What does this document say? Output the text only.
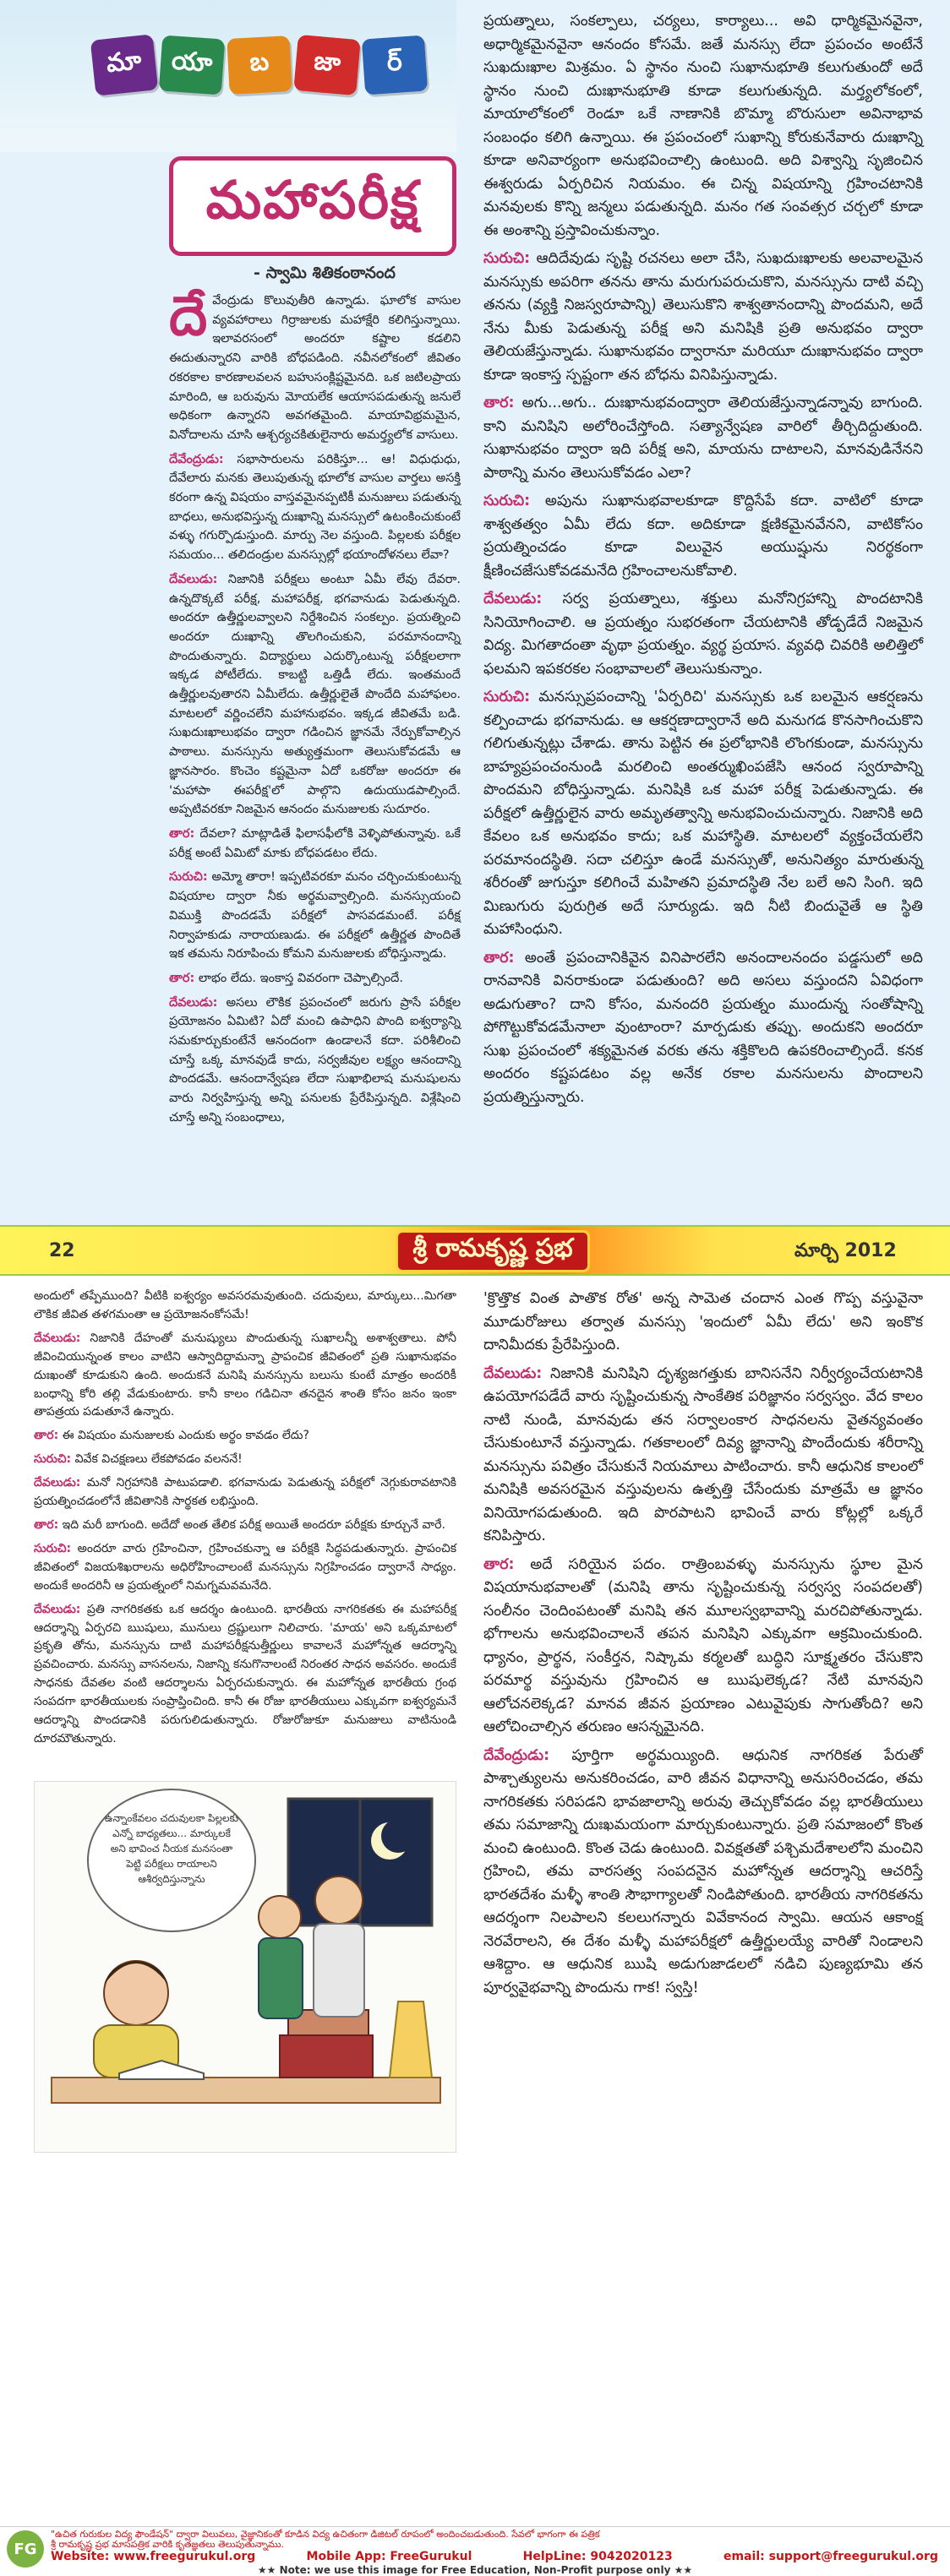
మా	యా	బ	జా	ర్
మహాపరీక్ష
- స్వామి శితికంఠానంద

దేవేంద్రుడు కొలువుతీరి ఉన్నాడు. ఘాలోక వాసుల వ్యవహారాలు గిర్రాజులకు మహాక్షేరి కలిగిస్తున్నాయి. ఇలావరసంలో అందరూ కష్టాల కడలిని ఈదుతున్నారని వారికి బోధపడింది. నవీనలోకంలో జీవితం రకరకాల కారణాలవలన బహుసంక్లిష్టమైనది. ఒక జటిలప్రాయ మారింది, ఆ బరువును మోయలేక ఆయాసపడుతున్న జనులే అధికంగా ఉన్నారని అవగతమైంది. మాయావిభ్రమమైన, వినోదాలను చూసి ఆశ్చర్యచకితులైనారు అమర్త్యలోక వాసులు.

దేవేంద్రుడు: సభాసారులను పరికిస్తూ... ఆ! విధుధుధు, దేవేలారు మనకు తెలుపుతున్న భూలోక వాసుల వార్తలు అసక్తి కరంగా ఉన్న విషయం వాస్తవమైనప్పటికీ మనుజులు పడుతున్న బాధలు, అనుభవిస్తున్న దుఃఖాన్ని మనస్సులో ఉటంకించుకుంటే వళ్ళు గగుర్పొడుస్తుంది. మార్పు నెల వస్తుంది. పిల్లలకు పరీక్షల సమయం... తలిదండ్రుల మనస్సుల్లో భయాందోళనలు లేవా?

దేవలుడు: నిజానికి పరీక్షలు అంటూ ఏమీ లేవు దేవరా. ఉన్నదొక్కటే పరీక్ష, మహాపరీక్ష, భగవానుడు పెడుతున్నది. అందరూ ఉత్తీర్ణులవ్వాలని నిర్దేశించిన సంకల్పం. ప్రయత్నించి అందరూ దుఃఖాన్ని తొలగించుకుని, పరమానందాన్ని పొందుతున్నారు. విద్యార్థులు ఎదుర్కొంటున్న పరీక్షలలాగా ఇక్కడ పోటీలేదు. కాబట్టి ఒత్తిడీ లేదు. ఇంతమందే ఉత్తీర్ణులవుతారని ఏమీలేదు. ఉత్తీర్ణులైతే పొందేది మహాఫలం. మాటలలో వర్ణించలేని మహానుభవం. ఇక్కడ జీవితమే బడి. సుఖదుఃఖాలుభవం ద్వారా గడించిన జ్ఞానమే నేర్పుకోవాల్సిన పాఠాలు. మనస్సును అత్యుత్తమంగా తెలుసుకోవడమే ఆ జ్ఞానసారం. కొంచెం కష్టమైనా ఏదో ఒకరోజు అందరూ ఈ 'మహాపా ఈపరీక్ష'లో పాల్గొని ఉదుయుడపాల్సిందే. అప్పటివరకూ నిజమైన ఆనందం మనుజులకు సుదూరం.

తార: దేవలా? మాట్లాడితే ఫిలాసఫీలోకి వెళ్ళిపోతున్నావు. ఒకే పరీక్ష అంటే ఏమిటో మాకు బోధపడటం లేదు.

సురుచి: అమ్మో తారా! ఇప్పటివరకూ మనం చర్చించుకుంటున్న విషయాల ద్వారా నీకు అర్థమవ్వాల్సింది. మనస్సుయంచి విముక్తి పొందడమే పరీక్షలో పాసవడమంటే. పరీక్ష నిర్వాహకుడు నారాయణుడు. ఈ పరీక్షలో ఉత్తీర్ణత పొందితే ఇక తమను నిరూపించు కోమని మనుజులకు బోధిస్తున్నాడు.

తార: లాభం లేదు. ఇంకాస్త వివరంగా చెప్పాల్సిందే.

దేవలుడు: అసలు లౌకిక ప్రపంచంలో జరుగు ప్రాసే పరీక్షల ప్రయోజనం ఏమిటి? ఏదో మంచి ఉపాధిని పొంది ఐశ్వర్యాన్ని సమకూర్చుకుంటేనే ఆనందంగా ఉండాలనే కదా. పరిశీలించి చూస్తే ఒక్క మానవుడే కాదు, సర్వజీవుల లక్ష్యం ఆనందాన్ని పొందడమే. ఆనందాన్వేషణ లేదా సుఖాభిలాష మనుషులను వారు నిర్వహిస్తున్న అన్ని పనులకు ప్రేరేపిస్తున్నది. విశ్లేషించి చూస్తే అన్ని సంబంధాలు,

ప్రయత్నాలు, సంకల్పాలు, చర్యలు, కార్యాలు... అవి ధార్మికమైనవైనా, అధార్మికమైనవైనా ఆనందం కోసమే. జతే మనస్సు లేదా ప్రపంచం అంటేనే సుఖదుఃఖాల మిశ్రమం. ఏ స్థానం నుంచి సుఖానుభూతి కలుగుతుందో అదే స్థానం నుంచి దుఃఖానుభూతి కూడా కలుగుతున్నది. మర్త్యలోకంలో, మాయాలోకంలో రెండూ ఒకే నాణానికి బొమ్మా బొరుసులా అవినాభావ సంబంధం కలిగి ఉన్నాయి. ఈ ప్రపంచంలో సుఖాన్ని కోరుకునేవారు దుఃఖాన్ని కూడా అనివార్యంగా అనుభవించాల్సి ఉంటుంది. అది విశ్వాన్ని సృజించిన ఈశ్వరుడు ఏర్పరిచిన నియమం. ఈ చిన్న విషయాన్ని గ్రహించటానికి మనవులకు కొన్ని జన్మలు పడుతున్నది. మనం గత సంవత్సర చర్చలో కూడా ఈ అంశాన్ని ప్రస్తావించుకున్నాం.

సురుచి: ఆదిదేవుడు సృష్టి రచనలు అలా చేసి, సుఖదుఃఖాలకు అలవాలమైన మనస్సుకు అపరిగా తనను తాను మరుగుపరుచుకొని, మనస్సును దాటి వచ్చి తనను (వ్యక్తి నిజస్వరూపాన్ని) తెలుసుకొని శాశ్వతానందాన్ని పొందమని, అదే నేను మీకు పెడుతున్న పరీక్ష అని మనిషికి ప్రతి అనుభవం ద్వారా తెలియజేస్తున్నాడు. సుఖానుభవం ద్వారానూ మరియూ దుఃఖానుభవం ద్వారా కూడా ఇంకాస్త స్పష్టంగా తన బోధను వినిపిస్తున్నాడు.

తార: అగు...అగు.. దుఃఖానుభవంద్వారా తెలియజేస్తున్నాడన్నావు బాగుంది. కాని మనిషిని అలోరించేస్తోంది. సత్యాన్వేషణ వారిలో తీర్చిదిద్దుతుంది. సుఖానుభవం ద్వారా ఇది పరీక్ష అని, మాయను దాటాలని, మానవుడినేనని పాఠాన్ని మనం తెలుసుకోవడం ఎలా?

సురుచి: అపును సుఖానుభవాలకూడా కొద్దిసేపే కదా. వాటిలో కూడా శాశ్వతత్వం ఏమీ లేదు కదా. అదికూడా క్షణికమైనవేనని, వాటికోసం ప్రయత్నించడం కూడా విలువైన అయుష్షును నిరర్థకంగా క్షీణించజేసుకోవడమనేది గ్రహించాలనుకోవాలి.

దేవలుడు: సర్వ ప్రయత్నాలు, శక్తులు మనోనిగ్రహాన్ని పొందటానికి సినియోగించాలి. ఆ ప్రయత్నం సుభరతంగా చేయటానికి తోడ్పడేదే నిజమైన విద్య. మిగతాదంతా వృథా ప్రయత్నం. వ్యర్థ ప్రయాస. వ్యవధి చివరికి అలిత్తిలో ఫలమని ఇపకరకల సంభావాలలో తెలుసుకున్నాం.

సురుచి: మనస్సుప్రపంచాన్ని 'ఏర్పరిచి' మనస్సుకు ఒక బలమైన ఆకర్షణను కల్పించాడు భగవానుడు. ఆ ఆకర్షణాద్వారానే అది మనుగడ కొనసాగించుకొని గలిగుతున్నట్లు చేశాడు. తాను పెట్టిన ఈ ప్రలోభానికి లొంగకుండా, మనస్సును బాహ్యప్రపంచంనుండి మరలించి అంతర్ముఖింపజేసి ఆనంద స్వరూపాన్ని పొందమని బోధిస్తున్నాడు. మనిషికి ఒక మహా పరీక్ష పెడుతున్నాడు. ఈ పరీక్షలో ఉత్తీర్ణులైన వారు అమృతత్వాన్ని అనుభవించుచున్నారు. నిజానికి అది కేవలం ఒక అనుభవం కాదు; ఒక మహాస్థితి. మాటలలో వ్యక్తంచేయలేని పరమానందస్థితి. సదా చలిస్తూ ఉండే మనస్సుతో, అనునిత్యం మారుతున్న శరీరంతో జుగుస్తూ కలిగించే మహితని ప్రమాదస్థితి నేల బలే అని సింగి. ఇది మిణుగురు పురుగ్రిత అదే సూర్యుడు. ఇది నీటి బిందువైతే ఆ స్థితి మహాసింధుని.

తార: అంతే ప్రపంచానికివైన వినిపారలేని అనందాలనందం పడ్డసులో అది రానవానికి వినరాకుండా పడుతుంది? అది అసలు వస్తుందని ఏవిధంగా అడుగుతాం? దాని కోసం, మనందరి ప్రయత్నం ముందున్న సంతోషాన్ని పోగొట్టుకోవడమేనాలా వుంటాంరా? మార్పడుకు తప్పు. అందుకని అందరూ సుఖ ప్రపంచంలో శక్యమైనత వరకు తను శక్తికొలది ఉపకరించాల్సిందే. కనక అందరం కష్టపడటం వల్ల అనేక రకాల మనసులను పొందాలని ప్రయత్నిస్తున్నారు.

22	శ్రీ రామకృష్ణ ప్రభ	మార్చి 2012

అందులో తప్పేముంది? వీటికి ఐశ్వర్యం అవసరమవుతుంది. చదువులు, మార్కులు...మిగతా లౌకిక జీవిత తళగమంతా ఆ ప్రయోజనంకోసమే!

దేవలుడు: నిజానికి దేహంతో మనుష్యులు పొందుతున్న సుఖాలన్నీ అశాశ్వతాలు. పోనీ జీవించియున్నంత కాలం వాటిని ఆస్వాదిద్దామన్నా ప్రాపంచిక జీవితంలో ప్రతి సుఖానుభవం దుఃఖంతో కూడుకుని ఉంది. అందుకనే మనిషి మనస్సును బలుసు కుంటే మాత్రం అందరికీ బంధాన్ని కోరి తల్లి వేడుకుంటారు. కానీ కాలం గడిచినా తనదైన శాంతి కోసం జనం ఇంకా తాపత్రయ పడుతూనే ఉన్నారు.

తార: ఈ విషయం మనుజులకు ఎందుకు అర్థం కావడం లేదు?

సురుచి: వివేక విచక్షణలు లేకపోవడం వలననే!

దేవలుడు: మనో నిగ్రహానికి పాటుపడాలి. భగవానుడు పెడుతున్న పరీక్షలో నెగ్గుకురావటానికి ప్రయత్నించడంలోనే జీవితానికి సార్థకత లభిస్తుంది.

తార: ఇది మరీ బాగుంది. అదేదో అంత తేలిక పరీక్ష అయితే అందరూ పరీక్షకు కూర్చునే వారే.

సురుచి: అందరూ వారు గ్రహించినా, గ్రహించకున్నా ఆ పరీక్షకి సిద్ధపడుతున్నారు. ప్రాపంచిక జీవితంలో విజయశిఖరాలను అధిరోహించాలంటే మనస్సును నిగ్రహించడం ద్వారానే సాధ్యం. అందుకే అందరినీ ఆ ప్రయత్నంలో నిమగ్నమవమనేది.

దేవలుడు: ప్రతి నాగరికతకు ఒక ఆదర్శం ఉంటుంది. భారతీయ నాగరికతకు ఈ మహాపరీక్ష ఆదర్శాన్ని ఏర్పరచి ఋషులు, మునులు ద్రష్టులుగా నిలిచారు. 'మాయ' అని ఒక్కమాటలో ప్రకృతి తోను, మనస్సును దాటి మహాపరీక్షనుత్తీర్ణులు కావాలనే మహోన్నత ఆదర్శాన్ని ప్రవచించారు. మనస్సు వాసనలను, నిజాన్ని కనుగొనాలంటే నిరంతర సాధన అవసరం. అందుకే సాధనకు దేవతల వంటి ఆదర్శాలను ఏర్పరచుకున్నారు. ఈ మహోన్నత భారతీయ గ్రంథ సంపదగా భారతీయులకు సంప్రాప్తించింది. కానీ ఈ రోజు భారతీయులు ఎక్కువగా ఐశ్వర్యమనే ఆదర్శాన్ని పొందడానికి పరుగులిడుతున్నారు. రోజురోజుకూ మనుజులు వాటినుండి దూరమౌతున్నారు.

'క్రొత్తొక వింత పాతొక రోత' అన్న సామెత చందాన ఎంత గొప్ప వస్తువైనా మూడురోజులు తర్వాత మనస్సు 'ఇందులో ఏమీ లేదు' అని ఇంకొక దానిమీదకు ప్రేరేపిస్తుంది.

దేవలుడు: నిజానికి మనిషిని దృశ్యజగత్తుకు బానిసనేని నిర్వీర్యంచేయటానికి ఉపయోగపడేదే వారు సృష్టించుకున్న సాంకేతిక పరిజ్ఞానం సర్వస్వం. వేద కాలం నాటి నుండి, మానవుడు తన సర్వాలంకార సాధనలను వైతన్యవంతం చేసుకుంటూనే వస్తున్నాడు. గతకాలంలో దివ్య జ్ఞానాన్ని పొందేందుకు శరీరాన్ని మనస్సును పవిత్రం చేసుకునే నియమాలు పాటించారు. కానీ ఆధునిక కాలంలో మనిషికి అవసరమైన వస్తువులను ఉత్పత్తి చేసేందుకు మాత్రమే ఆ జ్ఞానం వినియోగపడుతుంది. ఇది పొరపాటని భావించే వారు కోట్లల్లో ఒక్కరే కనిపిస్తారు.

తార: అదే సరియైన పదం. రాత్రింబవళ్ళు మనస్సును స్థూల మైన విషయానుభవాలతో (మనిషి తాను సృష్టించుకున్న సర్వస్వ సంపదలతో) సంలీనం చెందింపటంతో మనిషి తన మూలస్వభావాన్ని మరచిపోతున్నాడు. భోగాలను అనుభవించాలనే తపన మనిషిని ఎక్కువగా ఆక్రమించుకుంది. ధ్యానం, ప్రార్థన, సంకీర్తన, నిష్కామ కర్మలతో బుద్ధిని సూక్ష్మతరం చేసుకొని పరమార్థ వస్తువును గ్రహించిన ఆ ఋషులెక్కడ? నేటి మానవుని ఆలోచనలెక్కడ? మానవ జీవన ప్రయాణం ఎటువైపుకు సాగుతోంది? అని ఆలోచించాల్సిన తరుణం ఆసన్నమైనది.

దేవేంద్రుడు: పూర్తిగా అర్థమయ్యింది. ఆధునిక నాగరికత పేరుతో పాశ్చాత్యులను అనుకరించడం, వారి జీవన విధానాన్ని అనుసరించడం, తమ నాగరికతకు సరిపడని భావజాలాన్ని అరువు తెచ్చుకోవడం వల్ల భారతీయులు తమ సమాజాన్ని దుఃఖమయంగా మార్చుకుంటున్నారు. ప్రతి సమాజంలో కొంత మంచి ఉంటుంది. కొంత చెడు ఉంటుంది. వివక్షతతో పశ్చిమదేశాలలోని మంచిని గ్రహించి, తమ వారసత్వ సంపదనైన మహోన్నత ఆదర్శాన్ని ఆచరిస్తే భారతదేశం మళ్ళీ శాంతి సౌభాగ్యాలతో నిండిపోతుంది. భారతీయ నాగరికతను ఆదర్శంగా నిలపాలని కలలుగన్నారు వివేకానంద స్వామి. ఆయన ఆకాంక్ష నెరవేరాలని, ఈ దేశం మళ్ళీ మహాపరీక్షలో ఉత్తీర్ణులయ్యే వారితో నిండాలని ఆశిద్దాం. ఆ ఆధునిక ఋషి అడుగుజాడలలో నడిచి పుణ్యభూమి తన పూర్వవైభవాన్ని పొందును గాక! స్వస్తి!

ఉన్నాంకేవలం చదువులకా పిల్లలకు ఎన్నో బాధ్యతలు... మార్కులకే అని భావించ నీయక మనసంతా పెట్టి పరీక్షలు రాయాలని ఆశీర్వదిస్తున్నాను
FG
"ఉచిత గురుకుల విద్య ఫౌండేషన్" ద్వారా విలువలు, వైజ్ఞానికంతో కూడిన విద్య ఉచితంగా డిజిటల్ రూపంలో అందించబడుతుంది. సేవలో భాగంగా ఈ పత్రిక
శ్రీ రామకృష్ణ ప్రభ మాసపత్రిక వారికి కృతజ్ఞతలు తెలుపుతున్నాము.
Website: www.freegurukul.org	Mobile App: FreeGurukul	HelpLine: 9042020123	email: support@freegurukul.org
★★ Note: we use this image for Free Education, Non-Profit purpose only ★★
